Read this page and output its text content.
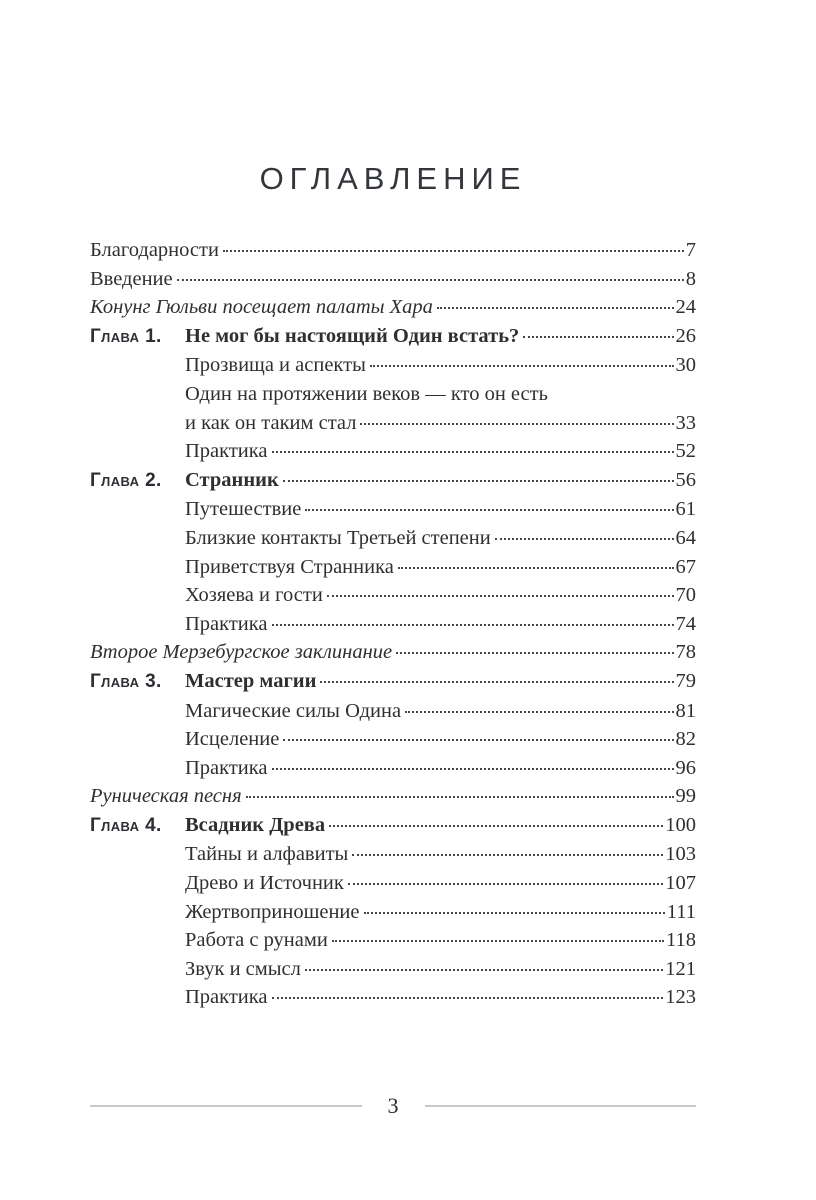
ОГЛАВЛЕНИЕ
Благодарности	7
Введение	8
Конунг Гюльви посещает палаты Хара	24
Глава 1.	Не мог бы настоящий Один встать?	26
Прозвища и аспекты	30
Один на протяжении веков — кто он есть
и как он таким стал	33
Практика	52
Глава 2.	Странник	56
Путешествие	61
Близкие контакты Третьей степени	64
Приветствуя Странника	67
Хозяева и гости	70
Практика	74
Второе Мерзебургское заклинание	78
Глава 3.	Мастер магии	79
Магические силы Одина	81
Исцеление	82
Практика	96
Руническая песня	99
Глава 4.	Всадник Древа	100
Тайны и алфавиты	103
Древо и Источник	107
Жертвоприношение	111
Работа с рунами	118
Звук и смысл	121
Практика	123
3
